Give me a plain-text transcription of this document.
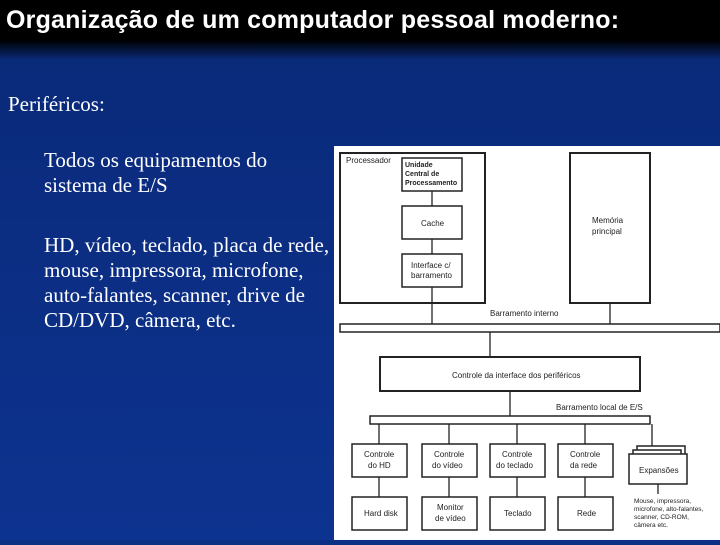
Organização de um computador pessoal moderno:
Periféricos:
Todos os equipamentos do sistema de E/S
HD, vídeo, teclado, placa de rede, mouse, impressora, microfone, auto-falantes, scanner, drive de CD/DVD, câmera, etc.
Processador
Unidade Central de Processamento
Cache
Interface c/ barramento
Memória principal
Barramento interno
Controle da interface dos periféricos
Barramento local de E/S
Controle do HD
Controle do vídeo
Controle do teclado
Controle da rede
Expansões
Hard disk
Monitor de vídeo
Teclado	Rede
Mouse, impressora, microfone, alto-falantes, scanner, CD-ROM, câmera etc.
